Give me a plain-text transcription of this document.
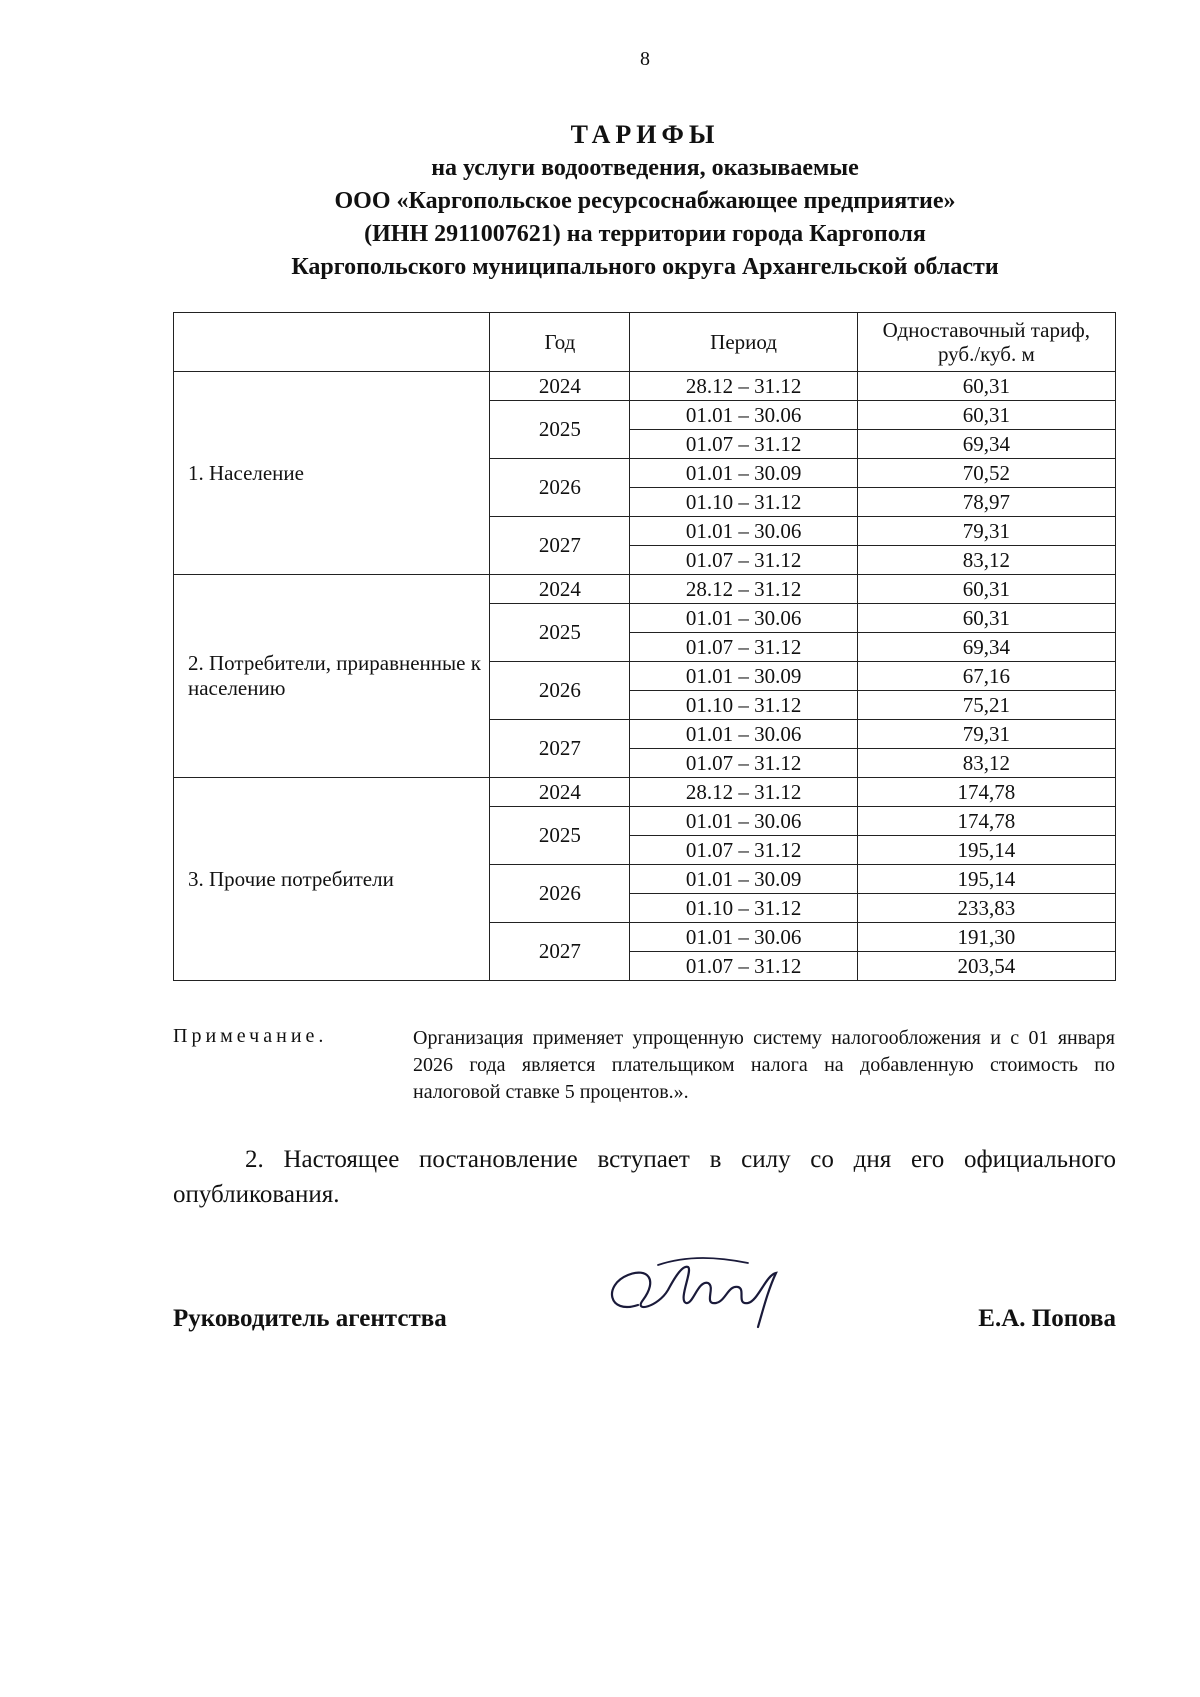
8
ТАРИФЫ
на услуги водоотведения, оказываемые
ООО «Каргопольское ресурсоснабжающее предприятие»
(ИНН 2911007621) на территории города Каргополя
Каргопольского муниципального округа Архангельской области
	Год	Период	Одноставочный тариф, руб./куб. м
1. Население	2024	28.12 – 31.12	60,31
	2025	01.01 – 30.06	60,31
		01.07 – 31.12	69,34
	2026	01.01 – 30.09	70,52
		01.10 – 31.12	78,97
	2027	01.01 – 30.06	79,31
		01.07 – 31.12	83,12
2. Потребители, приравненные к населению	2024	28.12 – 31.12	60,31
	2025	01.01 – 30.06	60,31
		01.07 – 31.12	69,34
	2026	01.01 – 30.09	67,16
		01.10 – 31.12	75,21
	2027	01.01 – 30.06	79,31
		01.07 – 31.12	83,12
3. Прочие потребители	2024	28.12 – 31.12	174,78
	2025	01.01 – 30.06	174,78
		01.07 – 31.12	195,14
	2026	01.01 – 30.09	195,14
		01.10 – 31.12	233,83
	2027	01.01 – 30.06	191,30
		01.07 – 31.12	203,54
Примечание.	Организация применяет упрощенную систему налогообложения и с 01 января 2026 года является плательщиком налога на добавленную стоимость по налоговой ставке 5 процентов.».
2. Настоящее постановление вступает в силу со дня его официального опубликования.
Руководитель агентства	Е.А. Попова
